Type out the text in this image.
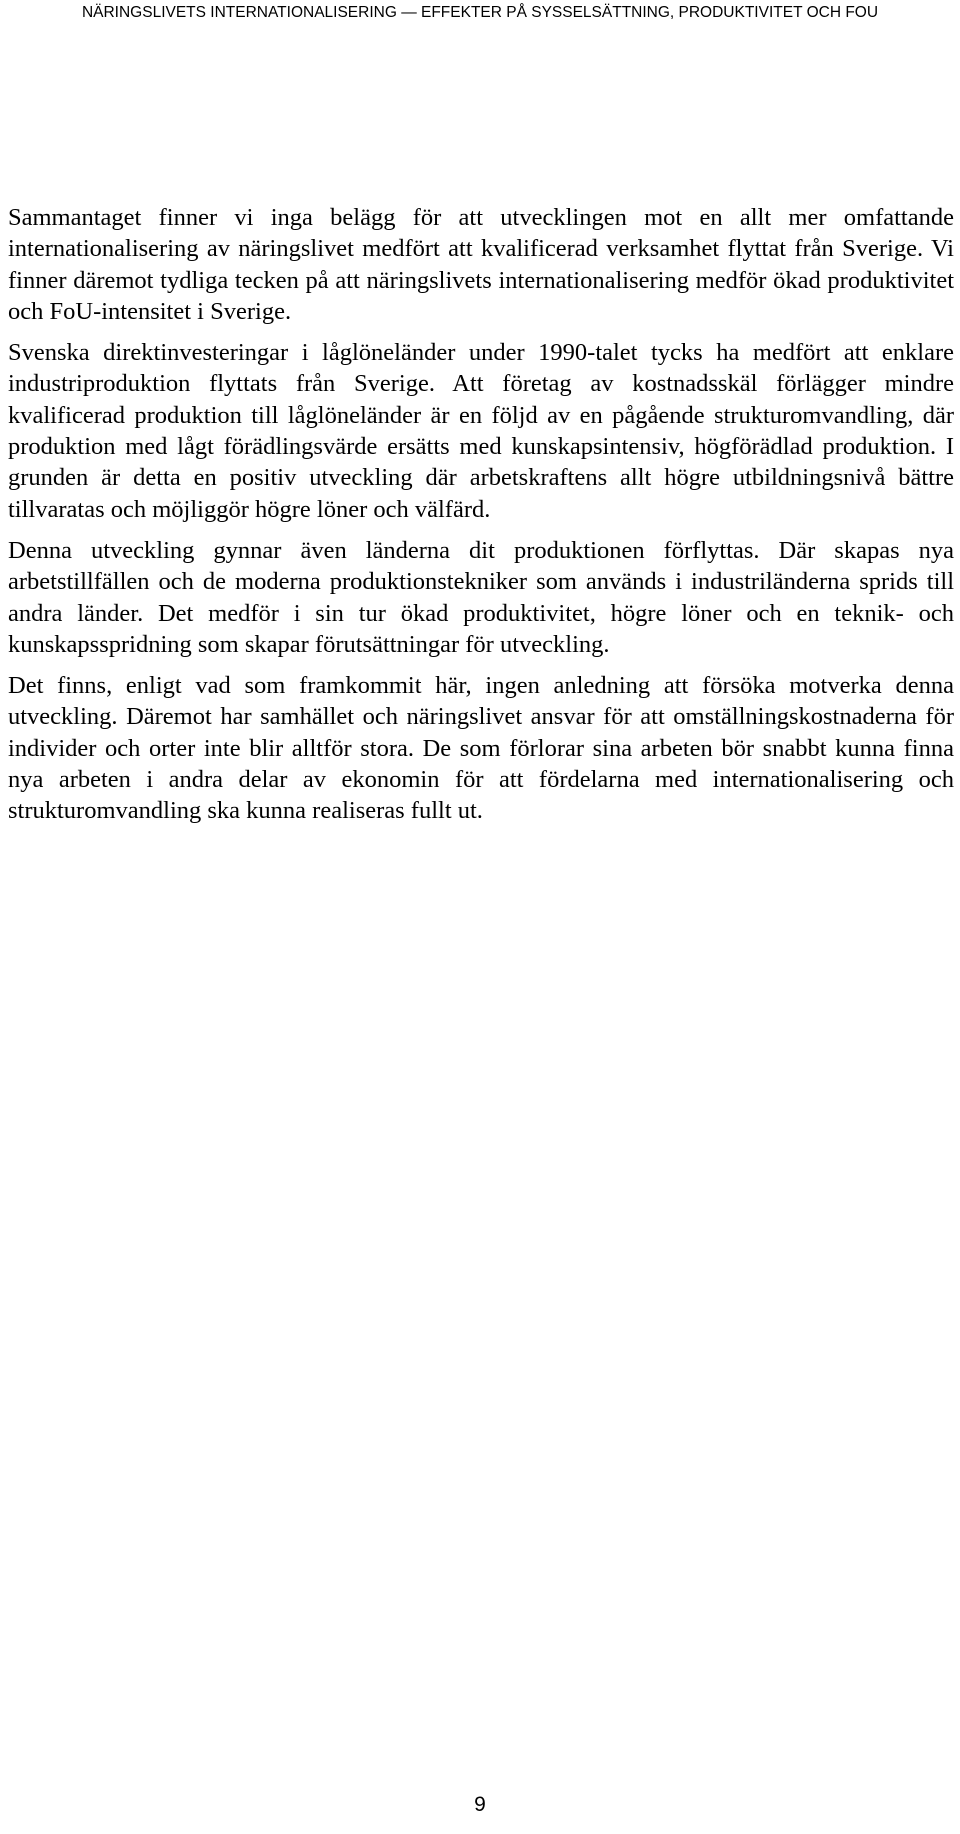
NÄRINGSLIVETS INTERNATIONALISERING — EFFEKTER PÅ SYSSELSÄTTNING, PRODUKTIVITET OCH FOU

Sammantaget finner vi inga belägg för att utvecklingen mot en allt mer omfattande internationalisering av näringslivet medfört att kvalificerad verksamhet flyttat från Sverige. Vi finner däremot tydliga tecken på att näringslivets internationalisering medför ökad produktivitet och FoU-intensitet i Sverige.

Svenska direktinvesteringar i låglöneländer under 1990-talet tycks ha medfört att enklare industriproduktion flyttats från Sverige. Att företag av kostnadsskäl förlägger mindre kvalificerad produktion till låglöneländer är en följd av en pågående strukturomvandling, där produktion med lågt förädlingsvärde ersätts med kunskapsintensiv, högförädlad produktion. I grunden är detta en positiv utveckling där arbetskraftens allt högre utbildningsnivå bättre tillvaratas och möjliggör högre löner och välfärd.

Denna utveckling gynnar även länderna dit produktionen förflyttas. Där skapas nya arbetstillfällen och de moderna produktionstekniker som används i industriländerna sprids till andra länder. Det medför i sin tur ökad produktivitet, högre löner och en teknik- och kunskapsspridning som skapar förutsättningar för utveckling.

Det finns, enligt vad som framkommit här, ingen anledning att försöka motverka denna utveckling. Däremot har samhället och näringslivet ansvar för att omställningskostnaderna för individer och orter inte blir alltför stora. De som förlorar sina arbeten bör snabbt kunna finna nya arbeten i andra delar av ekonomin för att fördelarna med internationalisering och strukturomvandling ska kunna realiseras fullt ut.

9
